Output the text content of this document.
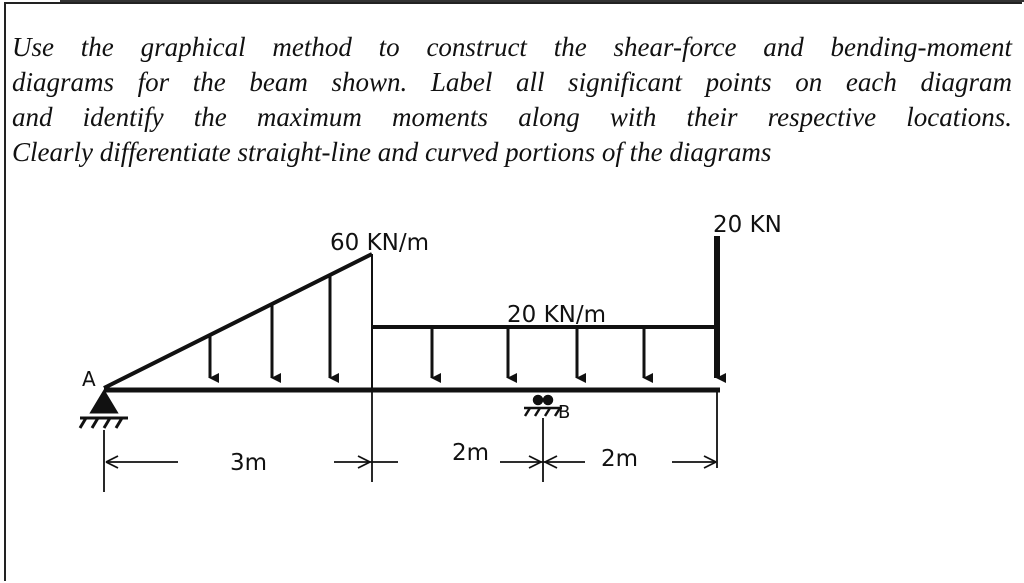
Use the graphical method to construct the shear-force and bending-moment
diagrams for the beam shown. Label all significant points on each diagram
and identify the maximum moments along with their respective locations.
Clearly differentiate straight-line and curved portions of the diagrams
60 KN/m
20 KN/m
20 KN
A
B
3m	2m	2m
